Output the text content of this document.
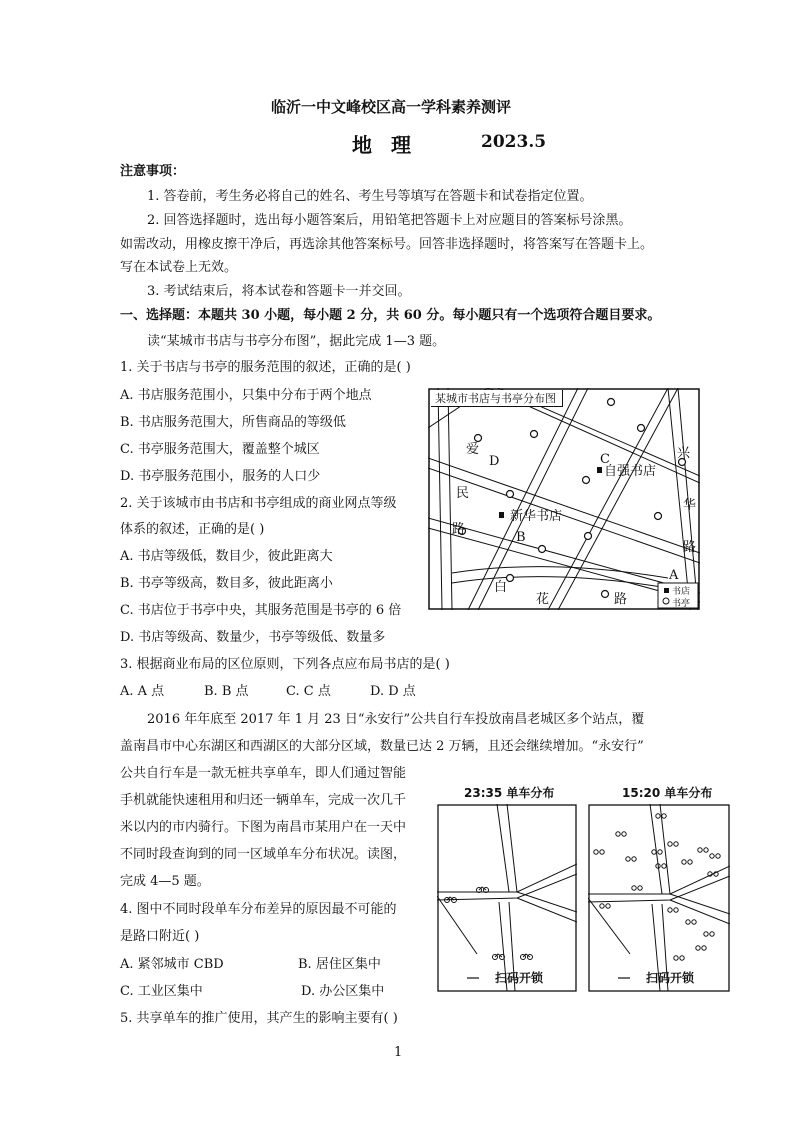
临沂一中文峰校区高一学科素养测评
地 理	2023.5
注意事项：
1. 答卷前，考生务必将自己的姓名、考生号等填写在答题卡和试卷指定位置。
2. 回答选择题时，选出每小题答案后，用铅笔把答题卡上对应题目的答案标号涂黑。
如需改动，用橡皮擦干净后，再选涂其他答案标号。回答非选择题时，将答案写在答题卡上。
写在本试卷上无效。
3. 考试结束后，将本试卷和答题卡一并交回。
一、选择题：本题共 30 小题，每小题 2 分，共 60 分。每小题只有一个选项符合题目要求。
读“某城市书店与书亭分布图”，据此完成 1—3 题。
1. 关于书店与书亭的服务范围的叙述，正确的是( )
A. 书店服务范围小，只集中分布于两个地点
B. 书店服务范围大，所售商品的等级低
C. 书亭服务范围大，覆盖整个城区
D. 书亭服务范围小，服务的人口少
2. 关于该城市由书店和书亭组成的商业网点等级
体系的叙述，正确的是( )
A. 书店等级低，数目少，彼此距离大
B. 书亭等级高，数目多，彼此距离小
C. 书店位于书亭中央，其服务范围是书亭的 6 倍
D. 书店等级高、数量少，书亭等级低、数量多
3. 根据商业布局的区位原则，下列各点应布局书店的是( )
A. A 点	B. B 点	C. C 点	D. D 点
2016 年年底至 2017 年 1 月 23 日“永安行”公共自行车投放南昌老城区多个站点，覆
盖南昌市中心东湖区和西湖区的大部分区域，数量已达 2 万辆，且还会继续增加。“永安行”
公共自行车是一款无桩共享单车，即人们通过智能
手机就能快速租用和归还一辆单车，完成一次几千
米以内的市内骑行。下图为南昌市某用户在一天中
不同时段查询到的同一区域单车分布状况。读图，
完成 4—5 题。
4. 图中不同时段单车分布差异的原因最不可能的
是路口附近( )
A. 紧邻城市 CBD	B. 居住区集中
C. 工业区集中	D. 办公区集中
5. 共享单车的推广使用，其产生的影响主要有( )
1
某城市书店与书亭分布图
新华书店
自强书店
爱
民
路
白
花	路
兴
华
路
A
B
C
D
书店
书亭
23:35 单车分布	15:20 单车分布
扫码开锁	扫码开锁
